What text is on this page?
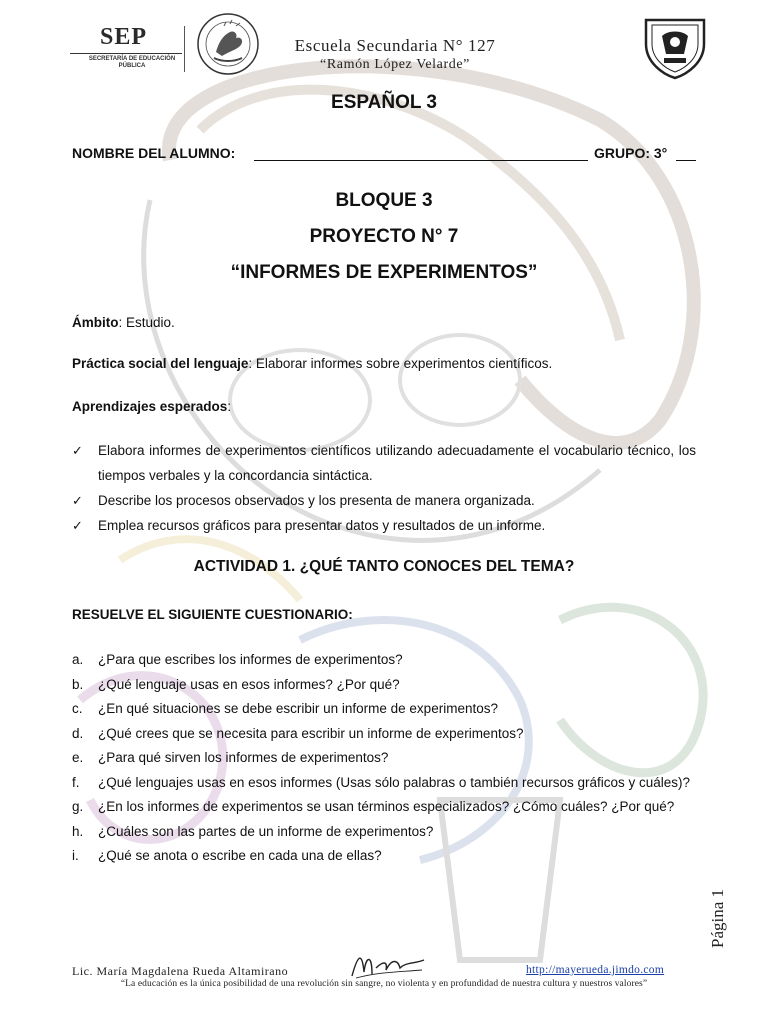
SEP
SECRETARÍA DE EDUCACIÓN PÚBLICA
Escuela Secundaria N° 127
“Ramón López Velarde”
ESPAÑOL 3
NOMBRE DEL ALUMNO:	GRUPO: 3°
BLOQUE 3
PROYECTO N° 7
“INFORMES DE EXPERIMENTOS”
Ámbito: Estudio.
Práctica social del lenguaje: Elaborar informes sobre experimentos científicos.
Aprendizajes esperados:
✓ Elabora informes de experimentos científicos utilizando adecuadamente el vocabulario técnico, los tiempos verbales y la concordancia sintáctica.
✓ Describe los procesos observados y los presenta de manera organizada.
✓ Emplea recursos gráficos para presentar datos y resultados de un informe.
ACTIVIDAD 1. ¿QUÉ TANTO CONOCES DEL TEMA?
RESUELVE EL SIGUIENTE CUESTIONARIO:
a. ¿Para que escribes los informes de experimentos?
b. ¿Qué lenguaje usas en esos informes? ¿Por qué?
c. ¿En qué situaciones se debe escribir un informe de experimentos?
d. ¿Qué crees que se necesita para escribir un informe de experimentos?
e. ¿Para qué sirven los informes de experimentos?
f. ¿Qué lenguajes usas en esos informes (Usas sólo palabras o también recursos gráficos y cuáles)?
g. ¿En los informes de experimentos se usan términos especializados? ¿Cómo cuáles? ¿Por qué?
h. ¿Cuáles son las partes de un informe de experimentos?
i. ¿Qué se anota o escribe en cada una de ellas?
Página 1
Lic. María Magdalena Rueda Altamirano	http://mayerueda.jimdo.com
“La educación es la única posibilidad de una revolución sin sangre, no violenta y en profundidad de nuestra cultura y nuestros valores”
